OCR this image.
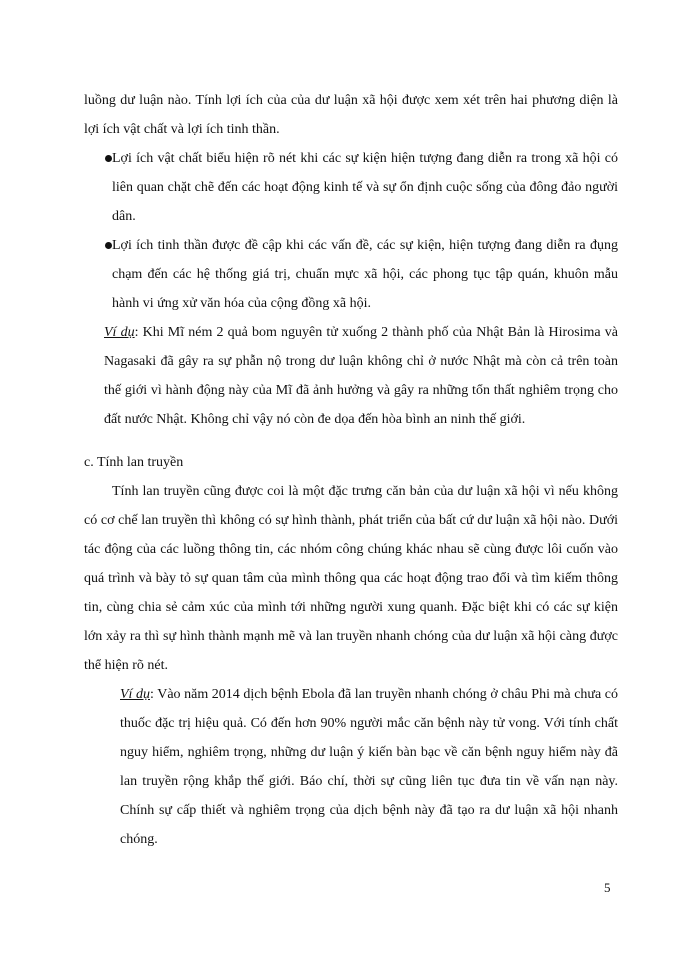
luồng dư luận nào. Tính lợi ích của của dư luận xã hội được xem xét trên hai phương diện là lợi ích vật chất và lợi ích tinh thần.

Lợi ích vật chất biểu hiện rõ nét khi các sự kiện hiện tượng đang diễn ra trong xã hội có liên quan chặt chẽ đến các hoạt động kinh tế và sự ổn định cuộc sống của đông đảo người dân.
Lợi ích tinh thần được đề cập khi các vấn đề, các sự kiện, hiện tượng đang diễn ra đụng chạm đến các hệ thống giá trị, chuẩn mực xã hội, các phong tục tập quán, khuôn mẫu hành vi ứng xử văn hóa của cộng đồng xã hội.

Ví dụ: Khi Mĩ ném 2 quả bom nguyên tử xuống 2 thành phố của Nhật Bản là Hirosima và Nagasaki đã gây ra sự phẫn nộ trong dư luận không chỉ ở nước Nhật mà còn cả trên toàn thế giới vì hành động này của Mĩ đã ảnh hưởng và gây ra những tổn thất nghiêm trọng cho đất nước Nhật. Không chỉ vậy nó còn đe dọa đến hòa bình an ninh thế giới.

c. Tính lan truyền

Tính lan truyền cũng được coi là một đặc trưng căn bản của dư luận xã hội vì nếu không có cơ chế lan truyền thì không có sự hình thành, phát triển của bất cứ dư luận xã hội nào. Dưới tác động của các luồng thông tin, các nhóm công chúng khác nhau sẽ cùng được lôi cuốn vào quá trình và bày tỏ sự quan tâm của mình thông qua các hoạt động trao đổi và tìm kiếm thông tin, cùng chia sẻ cảm xúc của mình tới những người xung quanh. Đặc biệt khi có các sự kiện lớn xảy ra thì sự hình thành mạnh mẽ và lan truyền nhanh chóng của dư luận xã hội càng được thể hiện rõ nét.

Ví dụ: Vào năm 2014 dịch bệnh Ebola đã lan truyền nhanh chóng ở châu Phi mà chưa có thuốc đặc trị hiệu quả. Có đến hơn 90% người mắc căn bệnh này tử vong. Với tính chất nguy hiểm, nghiêm trọng, những dư luận ý kiến bàn bạc về căn bệnh nguy hiểm này đã lan truyền rộng khắp thế giới. Báo chí, thời sự cũng liên tục đưa tin về vấn nạn này. Chính sự cấp thiết và nghiêm trọng của dịch bệnh này đã tạo ra dư luận xã hội nhanh chóng.

5
